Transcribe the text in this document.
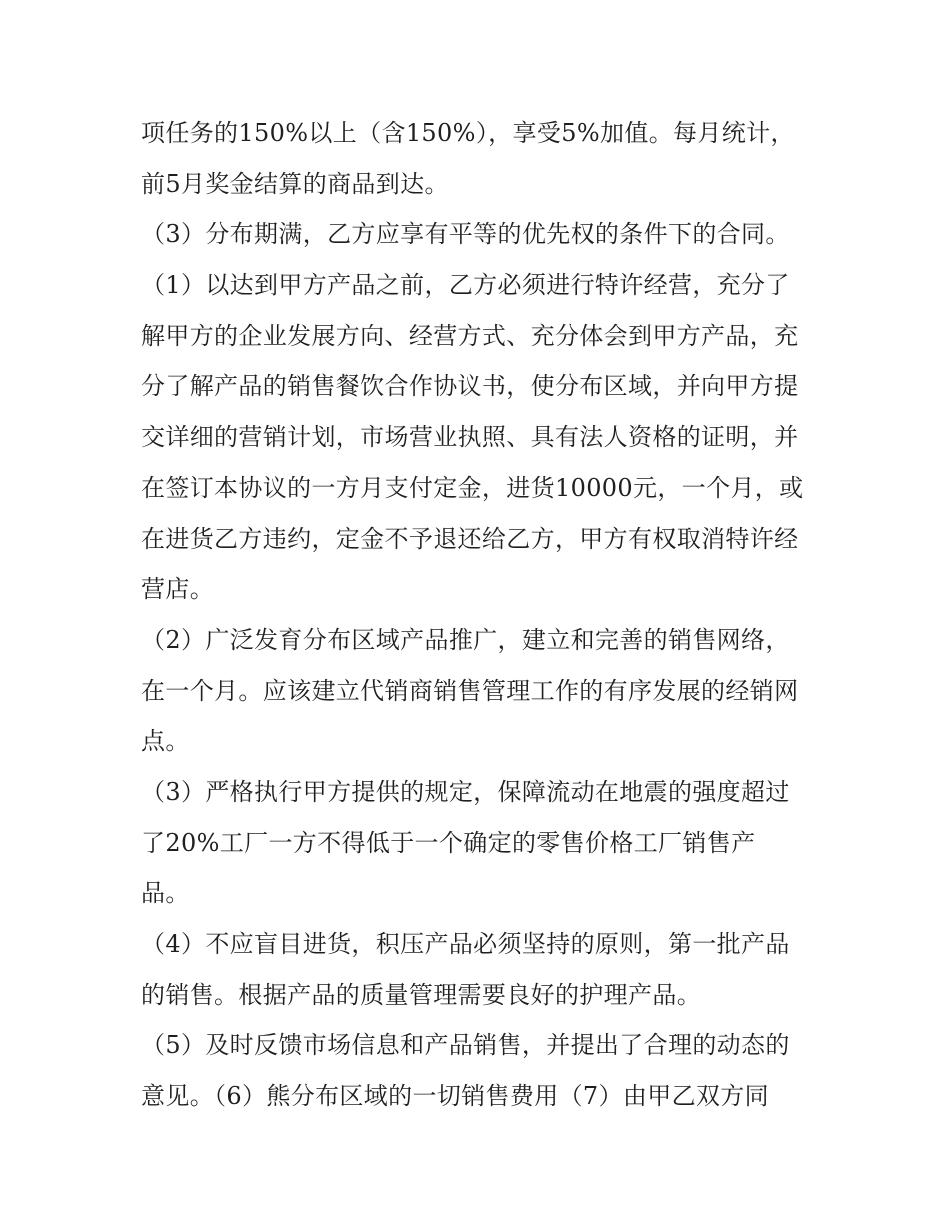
项任务的150%以上（含150%），享受5%加值。每月统计，
前5月奖金结算的商品到达。
（3）分布期满，乙方应享有平等的优先权的条件下的合同。
（1）以达到甲方产品之前，乙方必须进行特许经营，充分了
解甲方的企业发展方向、经营方式、充分体会到甲方产品，充
分了解产品的销售餐饮合作协议书，使分布区域，并向甲方提
交详细的营销计划，市场营业执照、具有法人资格的证明，并
在签订本协议的一方月支付定金，进货10000元，一个月，或
在进货乙方违约，定金不予退还给乙方，甲方有权取消特许经
营店。
（2）广泛发育分布区域产品推广，建立和完善的销售网络，
在一个月。应该建立代销商销售管理工作的有序发展的经销网
点。
（3）严格执行甲方提供的规定，保障流动在地震的强度超过
了20%工厂一方不得低于一个确定的零售价格工厂销售产
品。
（4）不应盲目进货，积压产品必须坚持的原则，第一批产品
的销售。根据产品的质量管理需要良好的护理产品。
（5）及时反馈市场信息和产品销售，并提出了合理的动态的
意见。（6）熊分布区域的一切销售费用（7）由甲乙双方同
